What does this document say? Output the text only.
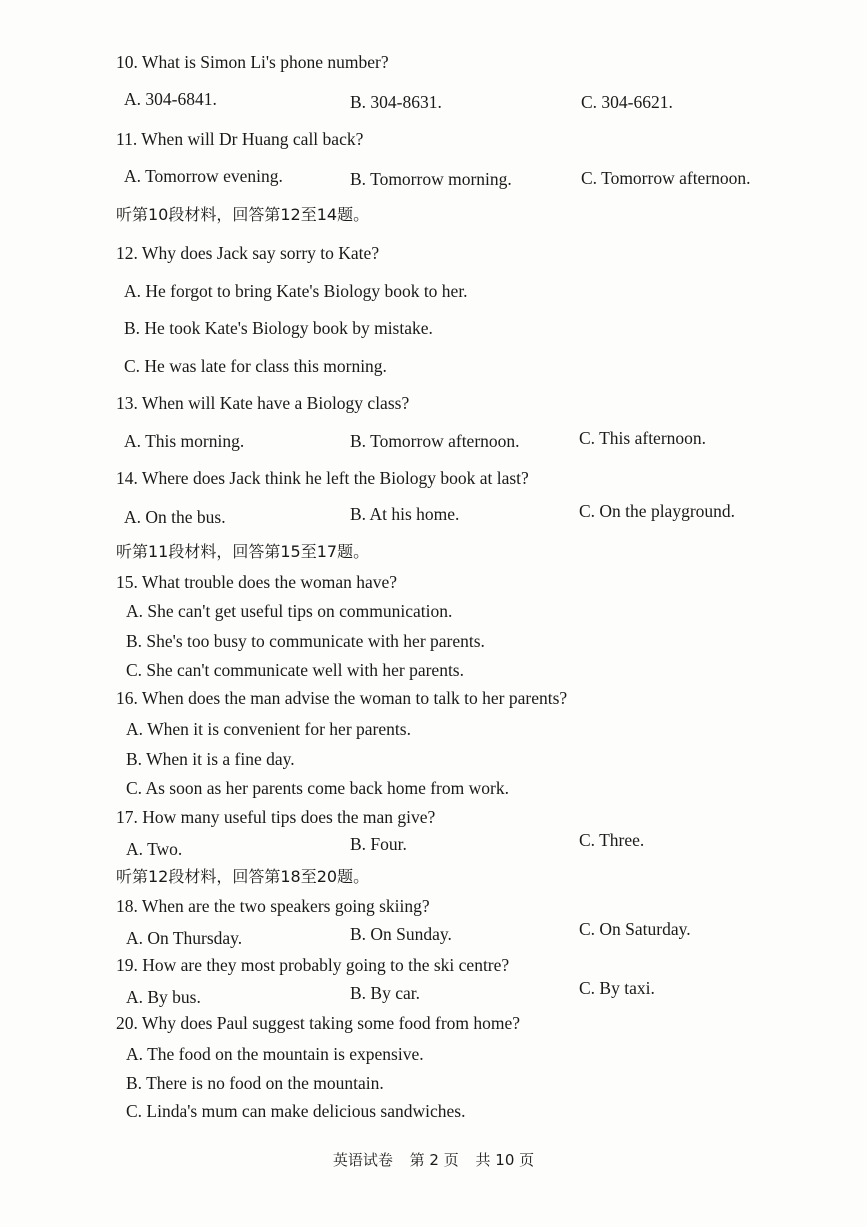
10. What is Simon Li's phone number?
A. 304-6841.	B. 304-8631.	C. 304-6621.
11. When will Dr Huang call back?
A. Tomorrow evening.	B. Tomorrow morning.	C. Tomorrow afternoon.
听第10段材料，回答第12至14题。
12. Why does Jack say sorry to Kate?
A. He forgot to bring Kate's Biology book to her.
B. He took Kate's Biology book by mistake.
C. He was late for class this morning.
13. When will Kate have a Biology class?
A. This morning.	B. Tomorrow afternoon.	C. This afternoon.
14. Where does Jack think he left the Biology book at last?
A. On the bus.	B. At his home.	C. On the playground.
听第11段材料，回答第15至17题。
15. What trouble does the woman have?
A. She can't get useful tips on communication.
B. She's too busy to communicate with her parents.
C. She can't communicate well with her parents.
16. When does the man advise the woman to talk to her parents?
A. When it is convenient for her parents.
B. When it is a fine day.
C. As soon as her parents come back home from work.
17. How many useful tips does the man give?
A. Two.	B. Four.	C. Three.
听第12段材料，回答第18至20题。
18. When are the two speakers going skiing?
A. On Thursday.	B. On Sunday.	C. On Saturday.
19. How are they most probably going to the ski centre?
A. By bus.	B. By car.	C. By taxi.
20. Why does Paul suggest taking some food from home?
A. The food on the mountain is expensive.
B. There is no food on the mountain.
C. Linda's mum can make delicious sandwiches.
英语试卷 第 2 页 共 10 页
